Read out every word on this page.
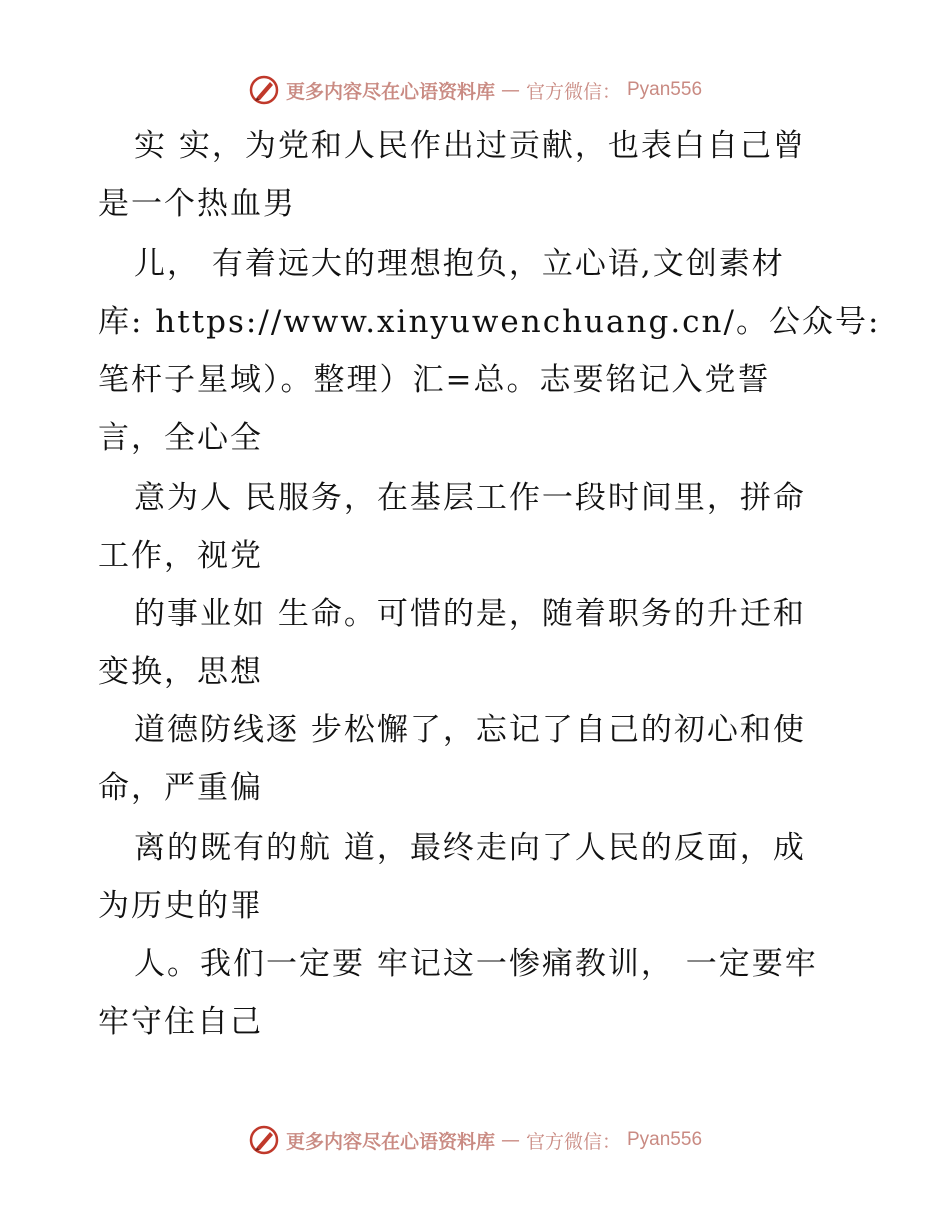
更多内容尽在心语资料库 — 官方微信： Pyan556
实 实，为党和人民作出过贡献，也表白自己曾
是一个热血男
儿， 有着远大的理想抱负，立心语,文创素材
库: https://www.xinyuwenchuang.cn/。公众号:
笔杆子星域）。整理）汇=总。志要铭记入党誓
言，全心全
意为人 民服务，在基层工作一段时间里，拼命
工作，视党
的事业如 生命。可惜的是，随着职务的升迁和
变换，思想
道德防线逐 步松懈了，忘记了自己的初心和使
命，严重偏
离的既有的航 道，最终走向了人民的反面，成
为历史的罪
人。我们一定要 牢记这一惨痛教训， 一定要牢
牢守住自己
更多内容尽在心语资料库 — 官方微信： Pyan556
